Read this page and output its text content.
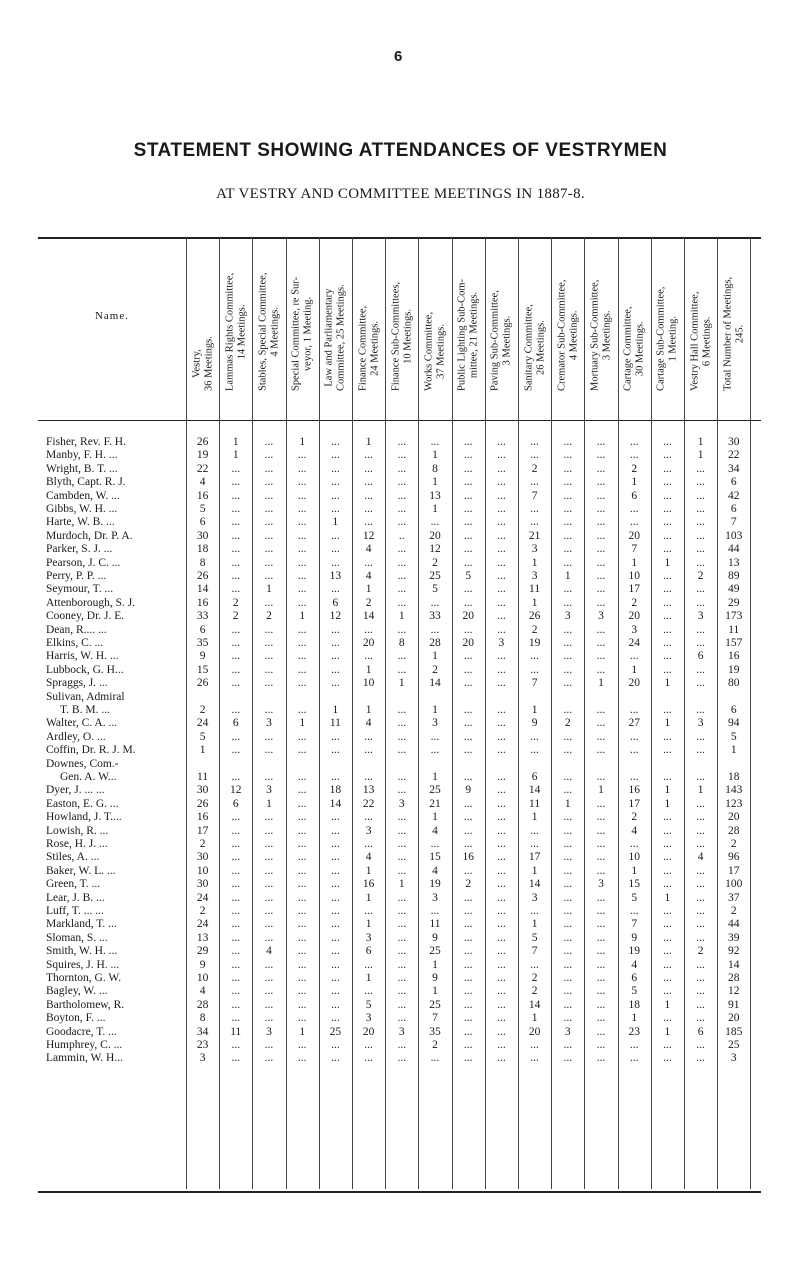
6
STATEMENT SHOWING ATTENDANCES OF VESTRYMEN
AT VESTRY AND COMMITTEE MEETINGS IN 1887-8.
Name.
Vestry, 36 Meetings. Lammas Rights Committee, 14 Meetings. Stables, Special Committee, 4 Meetings. Special Committee, re Sur- veyor, 1 Meeting. Law and Parliamentary Committee, 25 Meetings. Finance Committee, 24 Meetings. Finance Sub-Committees, 10 Meetings. Works Committee, 37 Meetings. Public Lighting Sub-Com- mittee, 21 Meetings. Paving Sub-Committee, 3 Meetings. Sanitary Committee, 26 Meetings. Cremator Sub-Committee, 4 Meetings. Mortuary Sub-Committee, 3 Meetings. Cartage Committee, 30 Meetings. Cartage Sub-Committee, 1 Meeting. Vestry Hall Committee, 6 Meetings. Total Number of Meetings, 245.
Fisher, Rev. F. H.	26	1	...	1	...	1	...	...	...	...	...	...	...	...	...	1	30
Manby, F. H. ...	19	1	...	...	...	...	...	1	...	...	...	...	...	...	...	1	22
Wright, B. T. ...	22	...	...	...	...	...	...	8	...	...	2	...	...	2	...	...	34
Blyth, Capt. R. J.	4	...	...	...	...	...	...	1	...	...	...	...	...	1	...	...	6
Cambden, W. ...	16	...	...	...	...	...	...	13	...	...	7	...	...	6	...	...	42
Gibbs, W. H. ...	5	...	...	...	...	...	...	1	...	...	...	...	...	...	...	...	6
Harte, W. B. ...	6	...	...	...	1	...	...	...	...	...	...	...	...	...	...	...	7
Murdoch, Dr. P. A.	30	...	...	...	...	12	..	20	...	...	21	...	...	20	...	...	103
Parker, S. J. ...	18	...	...	...	...	4	...	12	...	...	3	...	...	7	...	...	44
Pearson, J. C. ...	8	...	...	...	...	...	...	2	...	...	1	...	...	1	1	...	13
Perry, P. P. ...	26	...	...	...	13	4	...	25	5	...	3	1	...	10	...	2	89
Seymour, T. ...	14	...	1	...	...	1	...	5	...	...	11	...	...	17	...	...	49
Attenborough, S. J.	16	2	...	...	6	2	...	...	...	...	1	...	...	2	...	...	29
Cooney, Dr. J. E.	33	2	2	1	12	14	1	33	20	...	26	3	3	20	...	3	173
Dean, R.... ...	6	...	...	...	...	...	...	...	...	...	2	...	...	3	...	...	11
Elkins, C. ...	35	...	...	...	...	20	8	28	20	3	19	...	...	24	...	...	157
Harris, W. H. ...	9	...	...	...	...	...	...	1	...	...	...	...	...	...	...	6	16
Lubbock, G. H...	15	...	...	...	...	1	...	2	...	...	...	...	...	1	...	...	19
Spraggs, J. ...	26	...	...	...	...	10	1	14	...	...	7	...	1	20	1	...	80
Sulivan, Admiral
T. B. M. ...	2	...	...	...	1	1	...	1	...	...	1	...	...	...	...	...	6
Walter, C. A. ...	24	6	3	1	11	4	...	3	...	...	9	2	...	27	1	3	94
Ardley, O. ...	5	...	...	...	...	...	...	...	...	...	...	...	...	...	...	...	5
Coffin, Dr. R. J. M.	1	...	...	...	...	...	...	...	...	...	...	...	...	...	...	...	1
Downes, Com.-
Gen. A. W...	11	...	...	...	...	...	...	1	...	...	6	...	...	...	...	...	18
Dyer, J. ... ...	30	12	3	...	18	13	...	25	9	...	14	...	1	16	1	1	143
Easton, E. G. ...	26	6	1	...	14	22	3	21	...	...	11	1	...	17	1	...	123
Howland, J. T....	16	...	...	...	...	...	...	1	...	...	1	...	...	2	...	...	20
Lowish, R. ...	17	...	...	...	...	3	...	4	...	...	...	...	...	4	...	...	28
Rose, H. J. ...	2	...	...	...	...	...	...	...	...	...	...	...	...	...	...	...	2
Stiles, A. ...	30	...	...	...	...	4	...	15	16	...	17	...	...	10	...	4	96
Baker, W. L. ...	10	...	...	...	...	1	...	4	...	...	1	...	...	1	...	...	17
Green, T. ...	30	...	...	...	...	16	1	19	2	...	14	...	3	15	...	...	100
Lear, J. B. ...	24	...	...	...	...	1	...	3	...	...	3	...	...	5	1	...	37
Luff, T. ... ...	2	...	...	...	...	...	...	...	...	...	...	...	...	...	...	...	2
Markland, T. ...	24	...	...	...	...	1	...	11	...	...	1	...	...	7	...	...	44
Sloman, S. ...	13	...	...	...	...	3	...	9	...	...	5	...	...	9	...	...	39
Smith, W. H. ...	29	...	4	...	...	6	...	25	...	...	7	...	...	19	...	2	92
Squires, J. H. ...	9	...	...	...	...	...	...	1	...	...	...	...	...	4	...	...	14
Thornton, G. W.	10	...	...	...	...	1	...	9	...	...	2	...	...	6	...	...	28
Bagley, W. ...	4	...	...	...	...	...	...	1	...	...	2	...	...	5	...	...	12
Bartholomew, R.	28	...	...	...	...	5	...	25	...	...	14	...	...	18	1	...	91
Boyton, F. ...	8	...	...	...	...	3	...	7	...	...	1	...	...	1	...	...	20
Goodacre, T. ...	34	11	3	1	25	20	3	35	...	...	20	3	...	23	1	6	185
Humphrey, C. ...	23	...	...	...	...	...	...	2	...	...	...	...	...	...	...	...	25
Lammin, W. H...	3	...	...	...	...	...	...	...	...	...	...	...	...	...	...	...	3
